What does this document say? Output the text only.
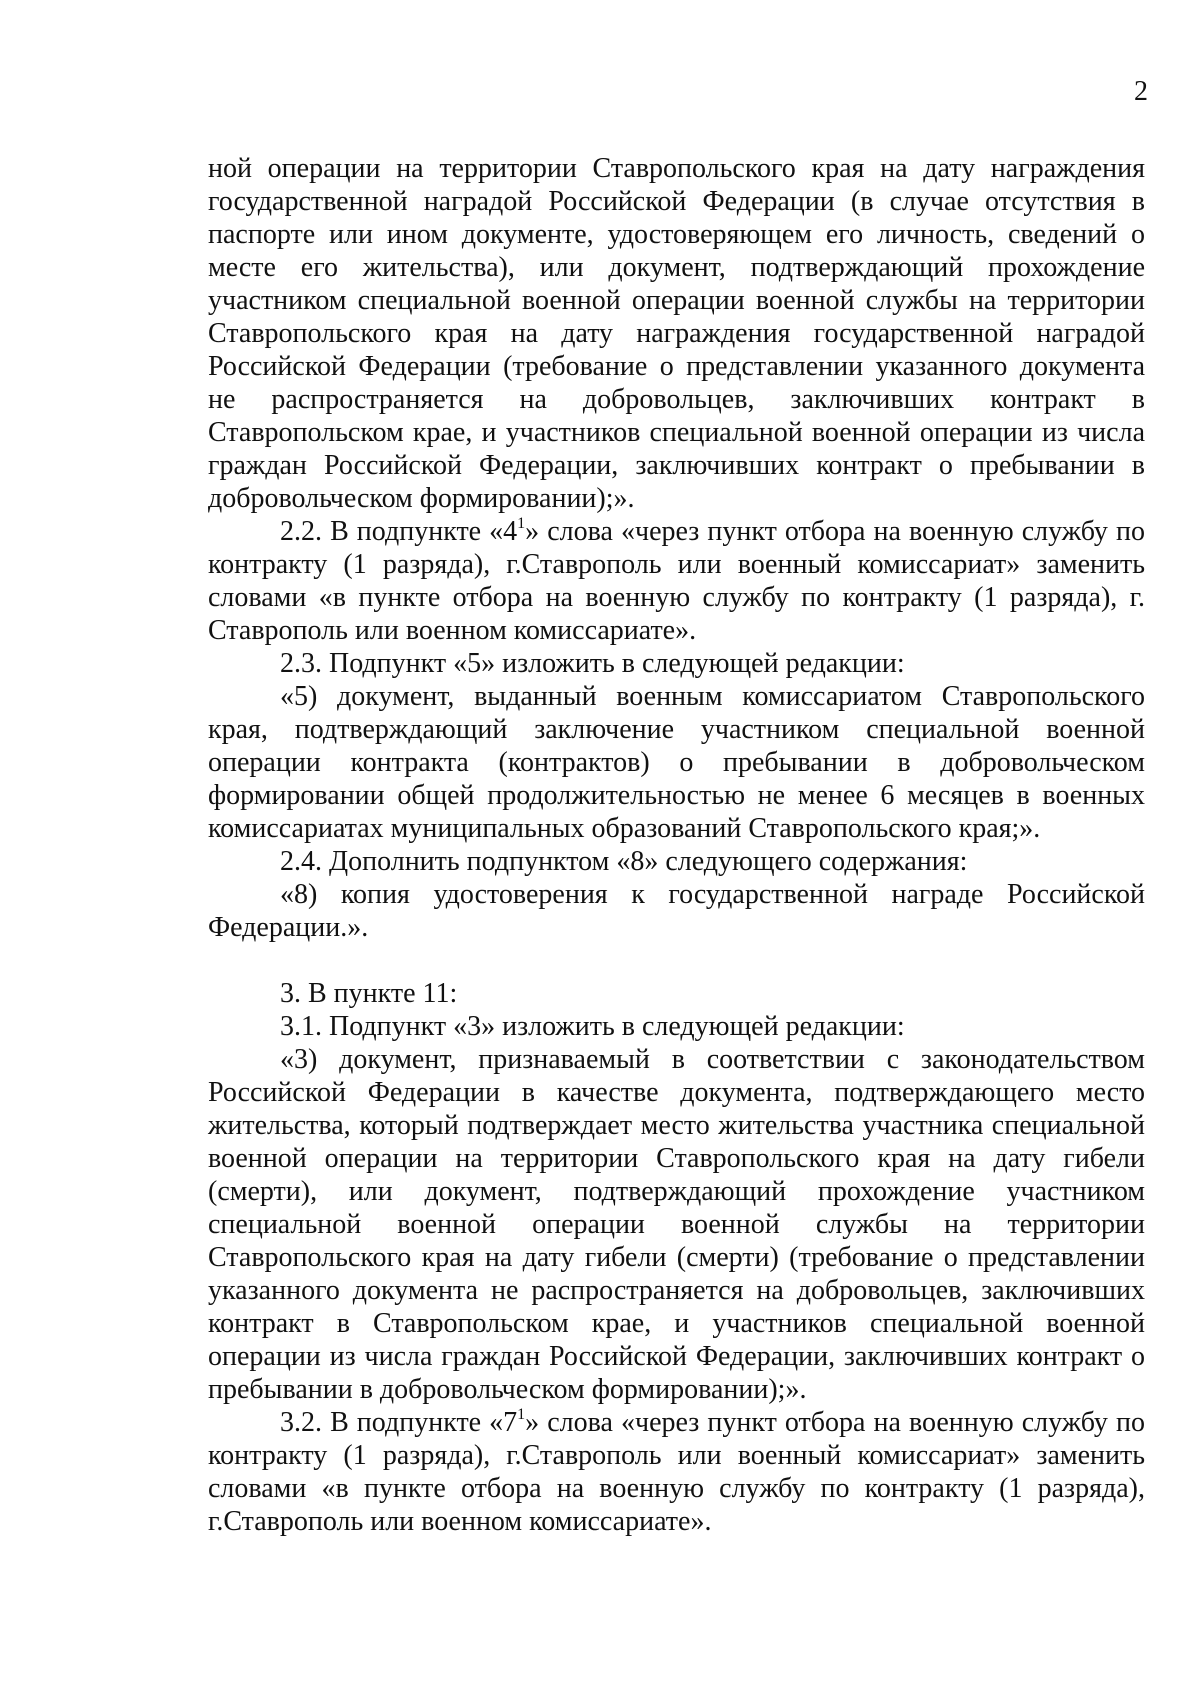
2

ной операции на территории Ставропольского края на дату награждения государственной наградой Российской Федерации (в случае отсутствия в паспорте или ином документе, удостоверяющем его личность, сведений о месте его жительства), или документ, подтверждающий прохождение участником специальной военной операции военной службы на территории Ставропольского края на дату награждения государственной наградой Российской Федерации (требование о представлении указанного документа не распространяется на добровольцев, заключивших контракт в Ставропольском крае, и участников специальной военной операции из числа граждан Российской Федерации, заключивших контракт о пребывании в добровольческом формировании);».

2.2. В подпункте «$4^1$» слова «через пункт отбора на военную службу по контракту (1 разряда), г.Ставрополь или военный комиссариат» заменить словами «в пункте отбора на военную службу по контракту (1 разряда), г. Ставрополь или военном комиссариате».

2.3. Подпункт «5» изложить в следующей редакции:

«5) документ, выданный военным комиссариатом Ставропольского края, подтверждающий заключение участником специальной военной операции контракта (контрактов) о пребывании в добровольческом формировании общей продолжительностью не менее 6 месяцев в военных комиссариатах муниципальных образований Ставропольского края;».

2.4. Дополнить подпунктом «8» следующего содержания:

«8) копия удостоверения к государственной награде Российской Федерации.».

3. В пункте 11:

3.1. Подпункт «3» изложить в следующей редакции:

«3) документ, признаваемый в соответствии с законодательством Российской Федерации в качестве документа, подтверждающего место жительства, который подтверждает место жительства участника специальной военной операции на территории Ставропольского края на дату гибели (смерти), или документ, подтверждающий прохождение участником специальной военной операции военной службы на территории Ставропольского края на дату гибели (смерти) (требование о представлении указанного документа не распространяется на добровольцев, заключивших контракт в Ставропольском крае, и участников специальной военной операции из числа граждан Российской Федерации, заключивших контракт о пребывании в добровольческом формировании);».

3.2. В подпункте «$7^1$» слова «через пункт отбора на военную службу по контракту (1 разряда), г.Ставрополь или военный комиссариат» заменить словами «в пункте отбора на военную службу по контракту (1 разряда), г.Ставрополь или военном комиссариате».
